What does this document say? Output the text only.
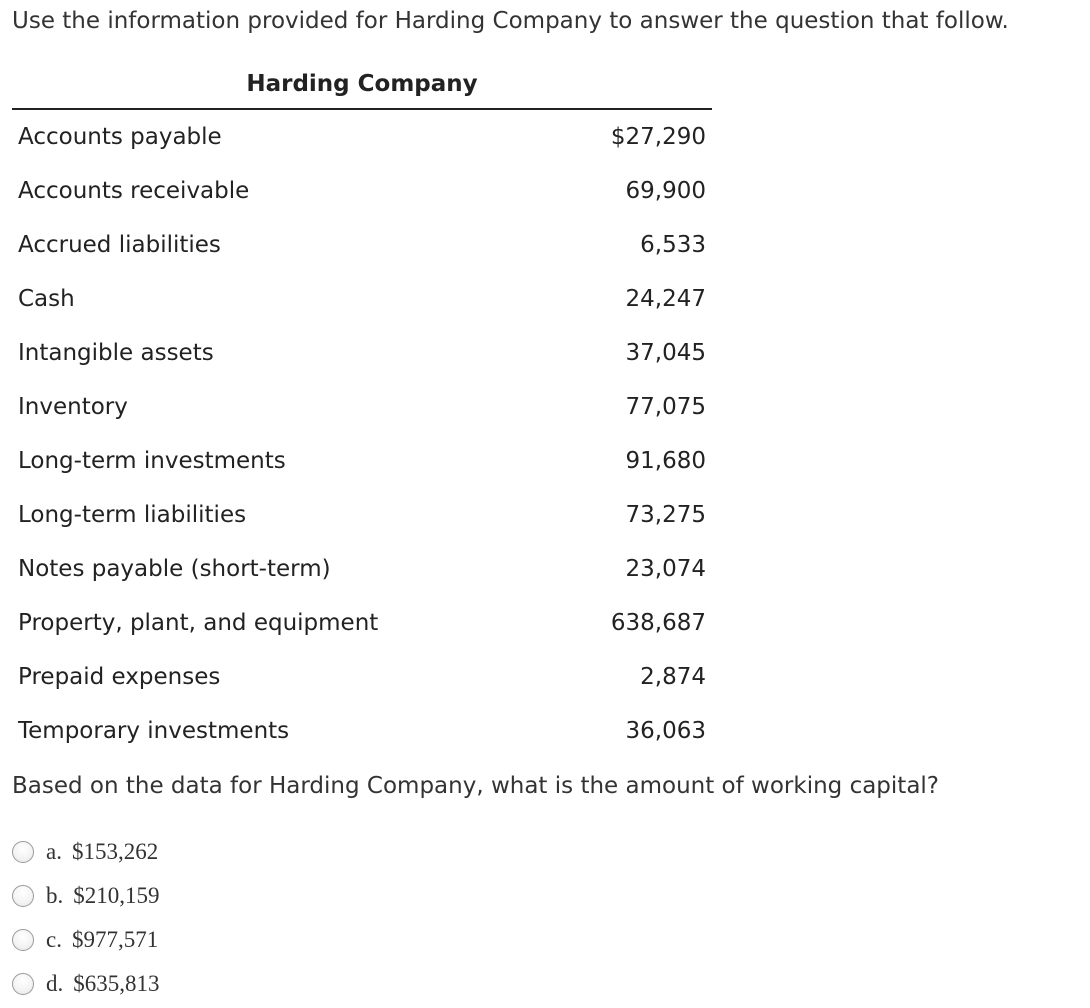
Use the information provided for Harding Company to answer the question that follow.
Harding Company
Accounts payable	$27,290
Accounts receivable	69,900
Accrued liabilities	6,533
Cash	24,247
Intangible assets	37,045
Inventory	77,075
Long-term investments	91,680
Long-term liabilities	73,275
Notes payable (short-term)	23,074
Property, plant, and equipment	638,687
Prepaid expenses	2,874
Temporary investments	36,063
Based on the data for Harding Company, what is the amount of working capital?
a. $153,262
b. $210,159
c. $977,571
d. $635,813
